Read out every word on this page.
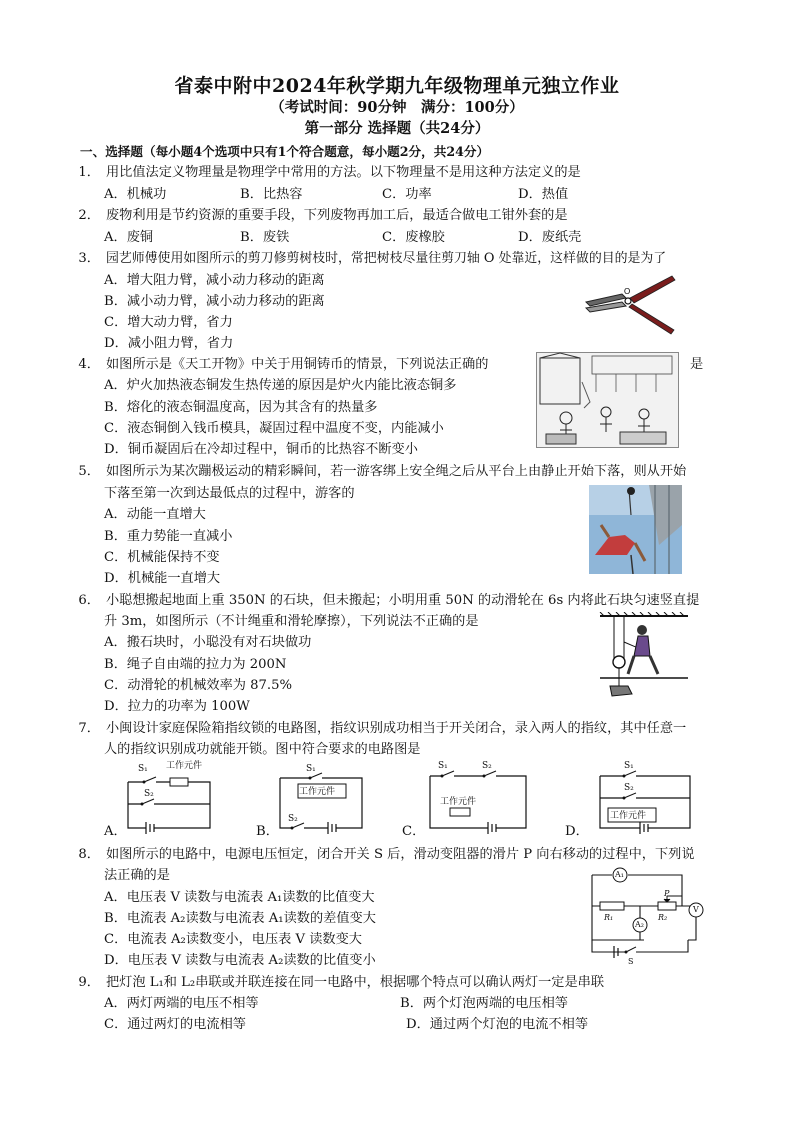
省泰中附中2024年秋学期九年级物理单元独立作业
（考试时间：90分钟　满分：100分）
第一部分 选择题（共24分）
一、选择题（每小题4个选项中只有1个符合题意，每小题2分，共24分）
1． 用比值法定义物理量是物理学中常用的方法。以下物理量不是用这种方法定义的是
A．机械功	B．比热容	C．功率	D．热值
2． 废物利用是节约资源的重要手段，下列废物再加工后，最适合做电工钳外套的是
A．废铜	B．废铁	C．废橡胶	D．废纸壳
3． 园艺师傅使用如图所示的剪刀修剪树枝时，常把树枝尽量往剪刀轴 O 处靠近，这样做的目的是为了
A．增大阻力臂，减小动力移动的距离
B．减小动力臂，减小动力移动的距离
C．增大动力臂，省力
D．减小阻力臂，省力
O
4． 如图所示是《天工开物》中关于用铜铸币的情景，下列说法正确的	是
A．炉火加热液态铜发生热传递的原因是炉火内能比液态铜多
B．熔化的液态铜温度高，因为其含有的热量多
C．液态铜倒入钱币模具，凝固过程中温度不变，内能减小
D．铜币凝固后在冷却过程中，铜币的比热容不断变小
5． 如图所示为某次蹦极运动的精彩瞬间，若一游客绑上安全绳之后从平台上由静止开始下落，则从开始
下落至第一次到达最低点的过程中，游客的
A．动能一直增大
B．重力势能一直减小
C．机械能保持不变
D．机械能一直增大
6． 小聪想搬起地面上重 350N 的石块，但未搬起；小明用重 50N 的动滑轮在 6s 内将此石块匀速竖直提
升 3m，如图所示（不计绳重和滑轮摩擦），下列说法不正确的是
A．搬石块时，小聪没有对石块做功
B．绳子自由端的拉力为 200N
C．动滑轮的机械效率为 87.5%
D．拉力的功率为 100W
7． 小闽设计家庭保险箱指纹锁的电路图，指纹识别成功相当于开关闭合，录入两人的指纹，其中任意一
人的指纹识别成功就能开锁。图中符合要求的电路图是
A．	B．	C．	D．
S₁ 工作元件
S₂
S₁
工作元件
S₂
S₁	S₂
工作元件
S₁
S₂
工作元件
8． 如图所示的电路中，电源电压恒定，闭合开关 S 后，滑动变阻器的滑片 P 向右移动的过程中，下列说
法正确的是
A．电压表 V 读数与电流表 A₁读数的比值变大
B．电流表 A₂读数与电流表 A₁读数的差值变大
C．电流表 A₂读数变小，电压表 V 读数变大
D．电压表 V 读数与电流表 A₂读数的比值变小
A₁
P
R₁	R₂
A₂
V
S
9． 把灯泡 L₁和 L₂串联或并联连接在同一电路中，根据哪个特点可以确认两灯一定是串联
A．两灯两端的电压不相等	B．两个灯泡两端的电压相等
C．通过两灯的电流相等	D．通过两个灯泡的电流不相等
